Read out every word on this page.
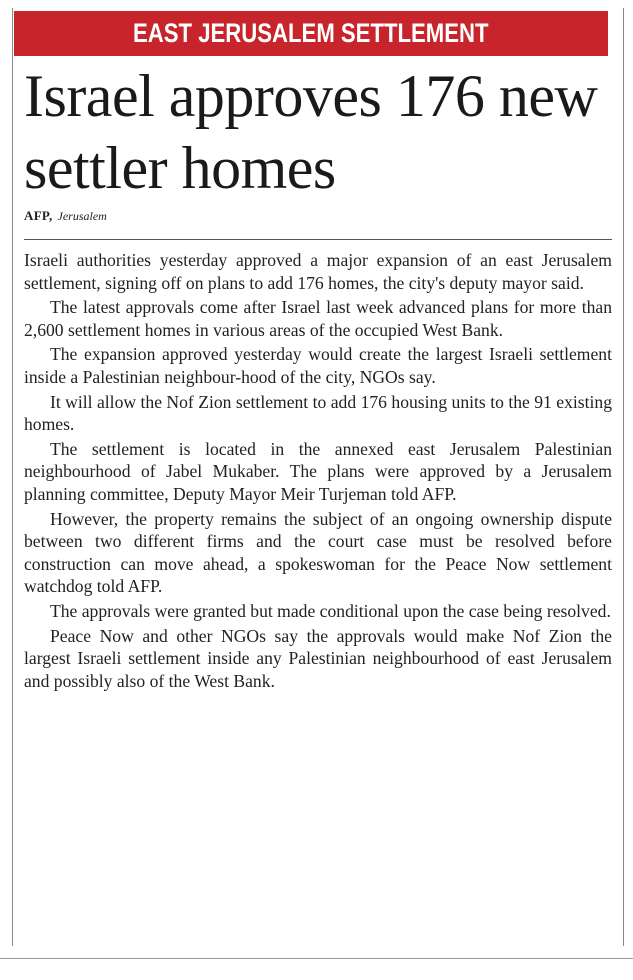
EAST JERUSALEM SETTLEMENT
Israel approves 176 new settler homes
AFP, Jerusalem

Israeli authorities yesterday approved a major expansion of an east Jerusalem settlement, signing off on plans to add 176 homes, the city's deputy mayor said.

The latest approvals come after Israel last week advanced plans for more than 2,600 settlement homes in various areas of the occupied West Bank.

The expansion approved yesterday would create the largest Israeli settlement inside a Palestinian neighbour-hood of the city, NGOs say.

It will allow the Nof Zion settlement to add 176 housing units to the 91 existing homes.

The settlement is located in the annexed east Jerusalem Palestinian neighbourhood of Jabel Mukaber. The plans were approved by a Jerusalem planning committee, Deputy Mayor Meir Turjeman told AFP.

However, the property remains the subject of an ongoing ownership dispute between two different firms and the court case must be resolved before construction can move ahead, a spokeswoman for the Peace Now settlement watchdog told AFP.

The approvals were granted but made conditional upon the case being resolved.

Peace Now and other NGOs say the approvals would make Nof Zion the largest Israeli settlement inside any Palestinian neighbourhood of east Jerusalem and possibly also of the West Bank.
